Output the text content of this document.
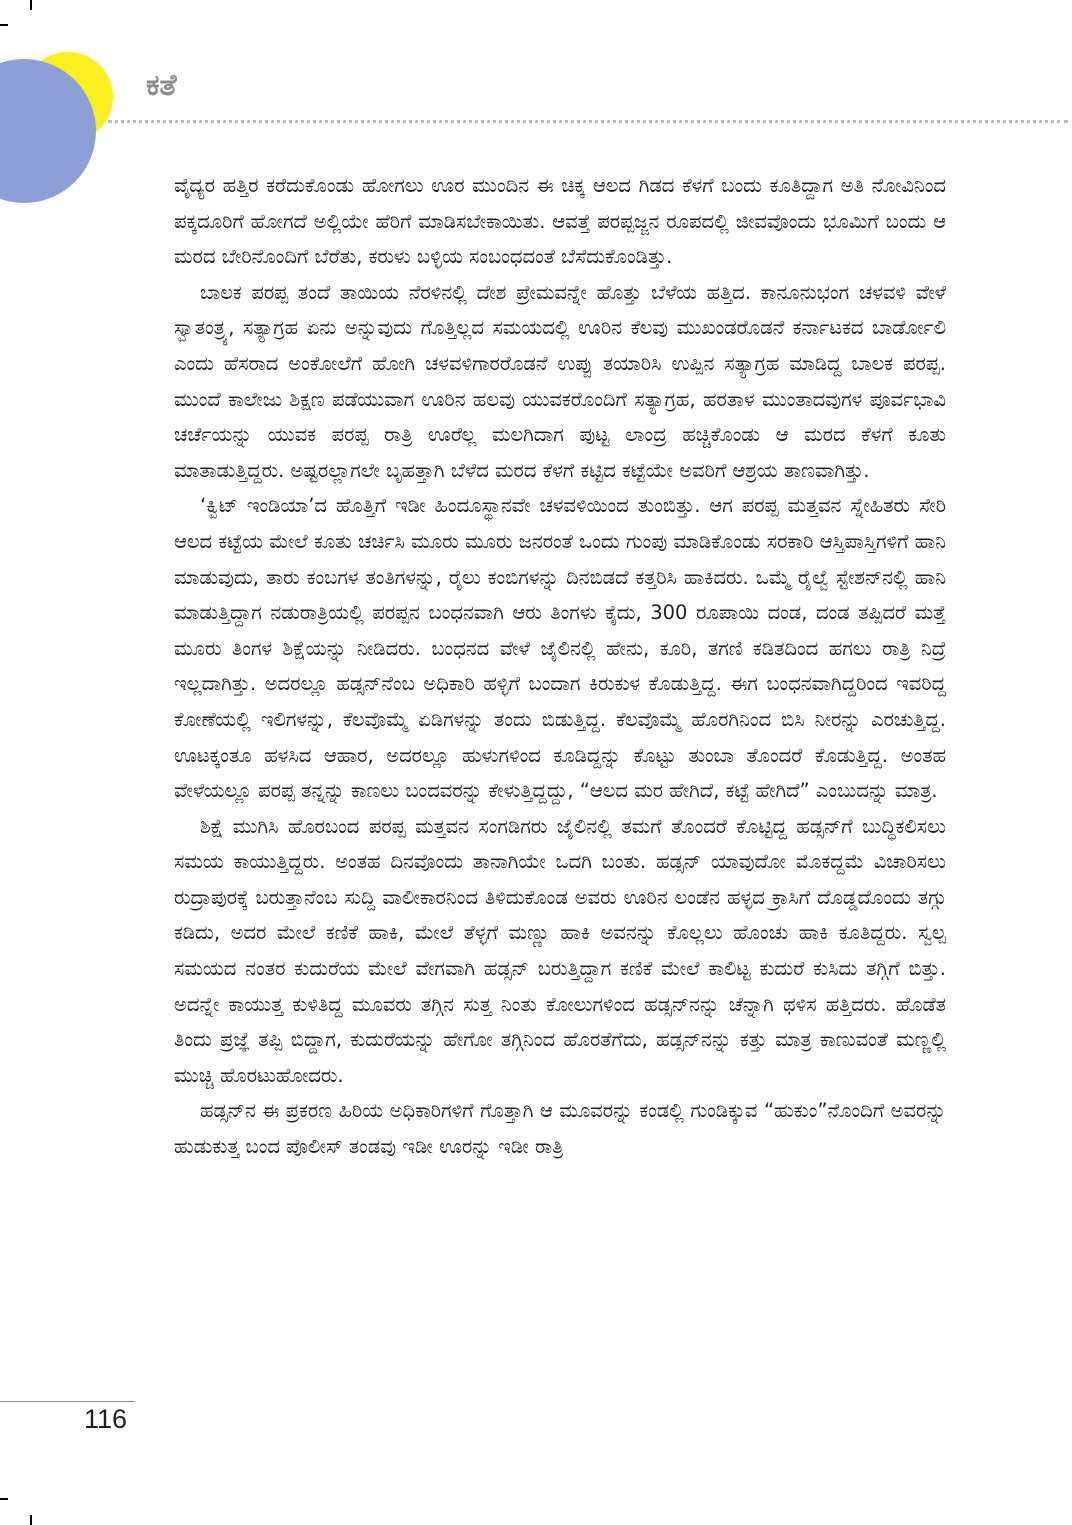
ಕತೆ

ವೈದ್ಯರ ಹತ್ತಿರ ಕರೆದುಕೊಂಡು ಹೋಗಲು ಊರ ಮುಂದಿನ ಈ ಚಿಕ್ಕ ಆಲದ ಗಿಡದ ಕೆಳಗೆ ಬಂದು ಕೂತಿದ್ದಾಗ ಅತಿ ನೋವಿನಿಂದ ಪಕ್ಕದೂರಿಗೆ ಹೋಗದೆ ಅಲ್ಲಿಯೇ ಹೆರಿಗೆ ಮಾಡಿಸಬೇಕಾಯಿತು. ಆವತ್ತೆ ಪರಪ್ಪಜ್ಜನ ರೂಪದಲ್ಲಿ ಜೀವವೊಂದು ಭೂಮಿಗೆ ಬಂದು ಆ ಮರದ ಬೇರಿನೊಂದಿಗೆ ಬೆರೆತು, ಕರುಳು ಬಳ್ಳಿಯ ಸಂಬಂಧದಂತೆ ಬೆಸೆದುಕೊಂಡಿತ್ತು.

ಬಾಲಕ ಪರಪ್ಪ ತಂದೆ ತಾಯಿಯ ನೆರಳಿನಲ್ಲಿ ದೇಶ ಪ್ರೇಮವನ್ನೇ ಹೊತ್ತು ಬೆಳೆಯ ಹತ್ತಿದ. ಕಾನೂನುಭಂಗ ಚಳವಳಿ ವೇಳೆ ಸ್ವಾತಂತ್ರ್ಯ, ಸತ್ಯಾಗ್ರಹ ಏನು ಅನ್ನುವುದು ಗೊತ್ತಿಲ್ಲದ ಸಮಯದಲ್ಲಿ ಊರಿನ ಕೆಲವು ಮುಖಂಡರೊಡನೆ ಕರ್ನಾಟಕದ ಬಾರ್ಡೋಲಿ ಎಂದು ಹೆಸರಾದ ಅಂಕೋಲೆಗೆ ಹೋಗಿ ಚಳವಳಿಗಾರರೊಡನೆ ಉಪ್ಪು ತಯಾರಿಸಿ ಉಪ್ಪಿನ ಸತ್ಯಾಗ್ರಹ ಮಾಡಿದ್ದ ಬಾಲಕ ಪರಪ್ಪ. ಮುಂದೆ ಕಾಲೇಜು ಶಿಕ್ಷಣ ಪಡೆಯುವಾಗ ಊರಿನ ಹಲವು ಯುವಕರೊಂದಿಗೆ ಸತ್ಯಾಗ್ರಹ, ಹರತಾಳ ಮುಂತಾದವುಗಳ ಪೂರ್ವಭಾವಿ ಚರ್ಚೆಯನ್ನು ಯುವಕ ಪರಪ್ಪ ರಾತ್ರಿ ಊರೆಲ್ಲ ಮಲಗಿದಾಗ ಪುಟ್ಟ ಲಾಂದ್ರ ಹಚ್ಚಿಕೊಂಡು ಆ ಮರದ ಕೆಳಗೆ ಕೂತು ಮಾತಾಡುತ್ತಿದ್ದರು. ಅಷ್ಟರಲ್ಲಾಗಲೇ ಬೃಹತ್ತಾಗಿ ಬೆಳೆದ ಮರದ ಕೆಳಗೆ ಕಟ್ಟಿದ ಕಟ್ಟೆಯೇ ಅವರಿಗೆ ಆಶ್ರಯ ತಾಣವಾಗಿತ್ತು.

‘ಕ್ವಿಟ್ ಇಂಡಿಯಾ’ದ ಹೊತ್ತಿಗೆ ಇಡೀ ಹಿಂದೂಸ್ಥಾನವೇ ಚಳವಳಿಯಿಂದ ತುಂಬಿತ್ತು. ಆಗ ಪರಪ್ಪ ಮತ್ತವನ ಸ್ನೇಹಿತರು ಸೇರಿ ಆಲದ ಕಟ್ಟೆಯ ಮೇಲೆ ಕೂತು ಚರ್ಚಿಸಿ ಮೂರು ಮೂರು ಜನರಂತೆ ಒಂದು ಗುಂಪು ಮಾಡಿಕೊಂಡು ಸರಕಾರಿ ಆಸ್ತಿಪಾಸ್ತಿಗಳಿಗೆ ಹಾನಿ ಮಾಡುವುದು, ತಾರು ಕಂಬಗಳ ತಂತಿಗಳನ್ನು, ರೈಲು ಕಂಬಿಗಳನ್ನು ದಿನಬಿಡದೆ ಕತ್ತರಿಸಿ ಹಾಕಿದರು. ಒಮ್ಮೆ ರೈಲ್ವೆ ಸ್ಟೇಶನ್‌ನಲ್ಲಿ ಹಾನಿ ಮಾಡುತ್ತಿದ್ದಾಗ ನಡುರಾತ್ರಿಯಲ್ಲಿ ಪರಪ್ಪನ ಬಂಧನವಾಗಿ ಆರು ತಿಂಗಳು ಕೈದು, 300 ರೂಪಾಯಿ ದಂಡ, ದಂಡ ತಪ್ಪಿದರೆ ಮತ್ತೆ ಮೂರು ತಿಂಗಳ ಶಿಕ್ಷೆಯನ್ನು ನೀಡಿದರು. ಬಂಧನದ ವೇಳೆ ಜೈಲಿನಲ್ಲಿ ಹೇನು, ಕೂರಿ, ತಗಣಿ ಕಡಿತದಿಂದ ಹಗಲು ರಾತ್ರಿ ನಿದ್ರೆ ಇಲ್ಲದಾಗಿತ್ತು. ಅದರಲ್ಲೂ ಹಡ್ಸನ್‌ನೆಂಬ ಅಧಿಕಾರಿ ಹಳ್ಳಿಗೆ ಬಂದಾಗ ಕಿರುಕುಳ ಕೊಡುತ್ತಿದ್ದ. ಈಗ ಬಂಧನವಾಗಿದ್ದರಿಂದ ಇವರಿದ್ದ ಕೋಣೆಯಲ್ಲಿ ಇಲಿಗಳನ್ನು, ಕೆಲವೊಮ್ಮೆ ಏಡಿಗಳನ್ನು ತಂದು ಬಿಡುತ್ತಿದ್ದ. ಕೆಲವೊಮ್ಮೆ ಹೊರಗಿನಿಂದ ಬಿಸಿ ನೀರನ್ನು ಎರಚುತ್ತಿದ್ದ. ಊಟಕ್ಕಂತೂ ಹಳಸಿದ ಆಹಾರ, ಅದರಲ್ಲೂ ಹುಳುಗಳಿಂದ ಕೂಡಿದ್ದನ್ನು ಕೊಟ್ಟು ತುಂಬಾ ತೊಂದರೆ ಕೊಡುತ್ತಿದ್ದ. ಅಂತಹ ವೇಳೆಯಲ್ಲೂ ಪರಪ್ಪ ತನ್ನನ್ನು ಕಾಣಲು ಬಂದವರನ್ನು ಕೇಳುತ್ತಿದ್ದದ್ದು, “ಆಲದ ಮರ ಹೇಗಿದೆ, ಕಟ್ಟೆ ಹೇಗಿದೆ” ಎಂಬುದನ್ನು ಮಾತ್ರ.

ಶಿಕ್ಷೆ ಮುಗಿಸಿ ಹೊರಬಂದ ಪರಪ್ಪ ಮತ್ತವನ ಸಂಗಡಿಗರು ಜೈಲಿನಲ್ಲಿ ತಮಗೆ ತೊಂದರೆ ಕೊಟ್ಟಿದ್ದ ಹಡ್ಸನ್‌ಗೆ ಬುದ್ಧಿಕಲಿಸಲು ಸಮಯ ಕಾಯುತ್ತಿದ್ದರು. ಅಂತಹ ದಿನವೊಂದು ತಾನಾಗಿಯೇ ಒದಗಿ ಬಂತು. ಹಡ್ಸನ್ ಯಾವುದೋ ಮೊಕದ್ದಮೆ ವಿಚಾರಿಸಲು ರುದ್ರಾಪುರಕ್ಕೆ ಬರುತ್ತಾನೆಂಬ ಸುದ್ದಿ ವಾಲೀಕಾರನಿಂದ ತಿಳಿದುಕೊಂಡ ಅವರು ಊರಿನ ಲಂಡೆನ ಹಳ್ಳದ ಕ್ರಾಸಿಗೆ ದೊಡ್ಡದೊಂದು ತಗ್ಗು ಕಡಿದು, ಅದರ ಮೇಲೆ ಕಣಿಕೆ ಹಾಕಿ, ಮೇಲೆ ತೆಳ್ಳಗೆ ಮಣ್ಣು ಹಾಕಿ ಅವನನ್ನು ಕೊಲ್ಲಲು ಹೊಂಚು ಹಾಕಿ ಕೂತಿದ್ದರು. ಸ್ವಲ್ಪ ಸಮಯದ ನಂತರ ಕುದುರೆಯ ಮೇಲೆ ವೇಗವಾಗಿ ಹಡ್ಸನ್ ಬರುತ್ತಿದ್ದಾಗ ಕಣಿಕೆ ಮೇಲೆ ಕಾಲಿಟ್ಟ ಕುದುರೆ ಕುಸಿದು ತಗ್ಗಿಗೆ ಬಿತ್ತು. ಅದನ್ನೇ ಕಾಯುತ್ತ ಕುಳಿತಿದ್ದ ಮೂವರು ತಗ್ಗಿನ ಸುತ್ತ ನಿಂತು ಕೋಲುಗಳಿಂದ ಹಡ್ಸನ್‌ನನ್ನು ಚೆನ್ನಾಗಿ ಥಳಿಸ ಹತ್ತಿದರು. ಹೊಡೆತ ತಿಂದು ಪ್ರಜ್ಞೆ ತಪ್ಪಿ ಬಿದ್ದಾಗ, ಕುದುರೆಯನ್ನು ಹೇಗೋ ತಗ್ಗಿನಿಂದ ಹೊರತೆಗೆದು, ಹಡ್ಸನ್‌ನನ್ನು ಕತ್ತು ಮಾತ್ರ ಕಾಣುವಂತೆ ಮಣ್ಣಲ್ಲಿ ಮುಚ್ಚಿ ಹೊರಟುಹೋದರು.

ಹಡ್ಸನ್‌ನ ಈ ಪ್ರಕರಣ ಹಿರಿಯ ಅಧಿಕಾರಿಗಳಿಗೆ ಗೊತ್ತಾಗಿ ಆ ಮೂವರನ್ನು ಕಂಡಲ್ಲಿ ಗುಂಡಿಕ್ಕುವ “ಹುಕುಂ”ನೊಂದಿಗೆ ಅವರನ್ನು ಹುಡುಕುತ್ತ ಬಂದ ಪೊಲೀಸ್ ತಂಡವು ಇಡೀ ಊರನ್ನು ಇಡೀ ರಾತ್ರಿ

116
